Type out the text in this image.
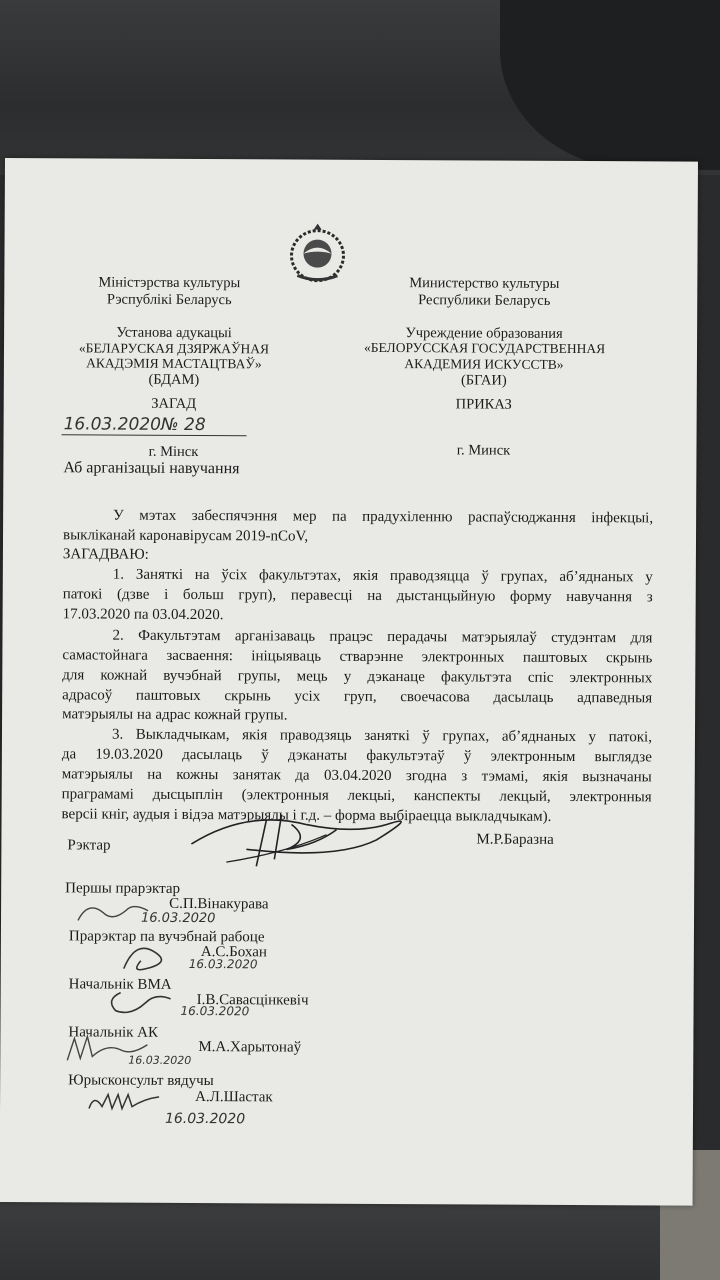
Міністэрства культуры
Рэспублікі Беларусь
Установа адукацыі
«БЕЛАРУСКАЯ ДЗЯРЖАЎНАЯ
АКАДЭМІЯ МАСТАЦТВАЎ»
(БДАМ)
ЗАГАД
16.03.2020№ 28
г. Мінск
Аб арганізацыі навучання
Министерство культуры
Республики Беларусь
Учреждение образования
«БЕЛОРУССКАЯ ГОСУДАРСТВЕННАЯ
АКАДЕМИЯ ИСКУССТВ»
(БГАИ)
ПРИКАЗ
г. Минск
У мэтах забеспячэння мер па прадухіленню распаўсюджання інфекцыі,
выкліканай каронавірусам 2019-nCoV,
ЗАГАДВАЮ:
1. Заняткі на ўсіх факультэтах, якія праводзяцца ў групах, аб’яднаных у
патокі (дзве і больш груп), перавесці на дыстанцыйную форму навучання з
17.03.2020 па 03.04.2020.
2. Факультэтам арганізаваць працэс перадачы матэрыялаў студэнтам для
самастойнага засваення: ініцыяваць стварэнне электронных паштовых скрынь
для кожнай вучэбнай групы, мець у дэканаце факультэта спіс электронных
адрасоў паштовых скрынь усіх груп, своечасова дасылаць адпаведныя
матэрыялы на адрас кожнай групы.
3. Выкладчыкам, якія праводзяць заняткі ў групах, аб’яднаных у патокі,
да 19.03.2020 дасылаць ў дэканаты факультэтаў ў электронным выглядзе
матэрыялы на кожны занятак да 03.04.2020 згодна з тэмамі, якія вызначаны
праграмамі дысцыплін (электронныя лекцыі, канспекты лекцый, электронныя
версіі кніг, аудыя і відэа матэрыялы і г.д. – форма выбіраецца выкладчыкам).
Рэктар	М.Р.Баразна
Першы прарэктар
С.П.Вінакурава
16.03.2020
Прарэктар па вучэбнай рабоце
А.С.Бохан
16.03.2020
Начальнік ВМА
І.В.Савасцінкевіч
16.03.2020
Начальнік АК
М.А.Харытонаў
16.03.2020
Юрысконсульт вядучы
А.Л.Шастак
16.03.2020
